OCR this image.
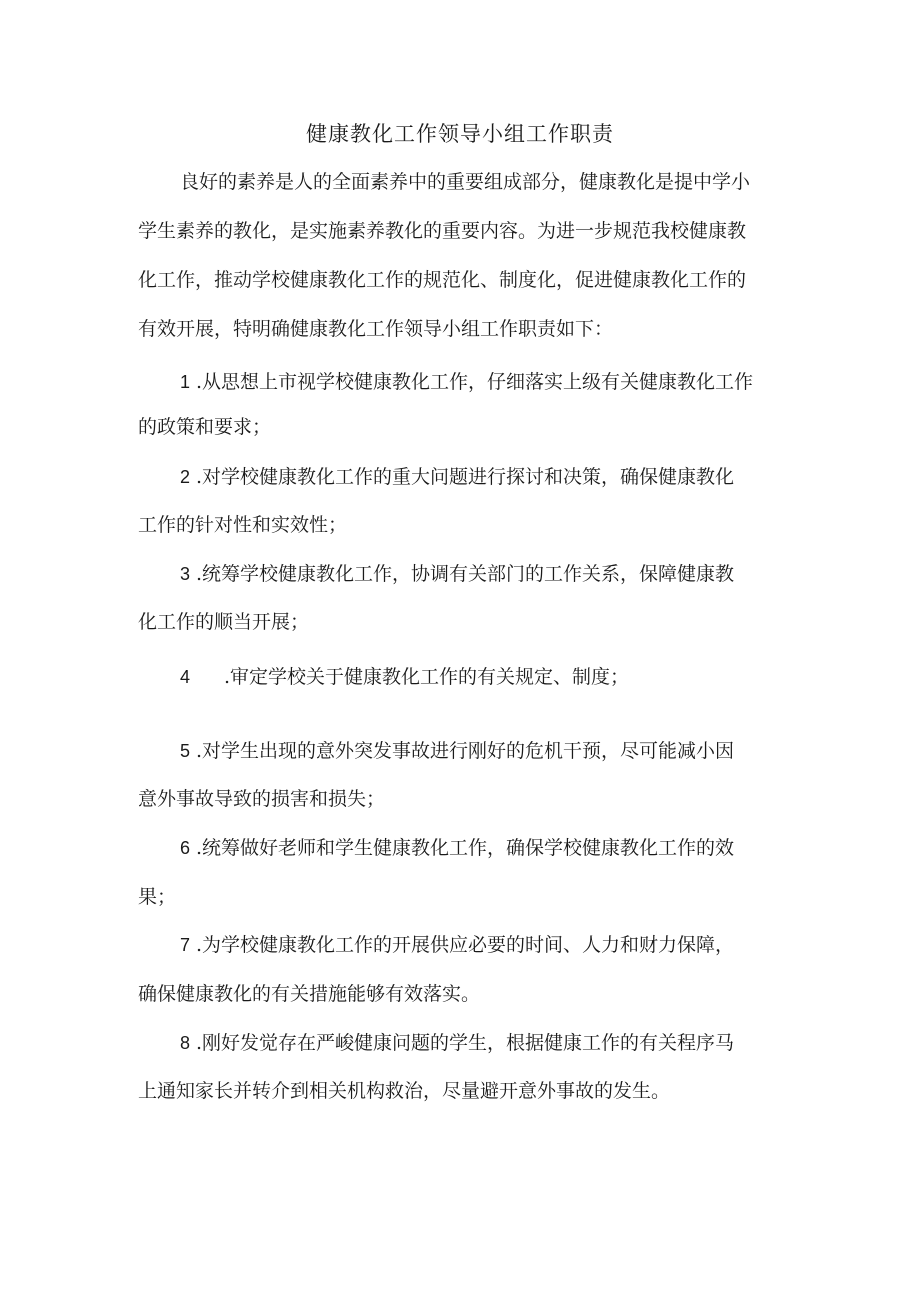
健康教化工作领导小组工作职责
良好的素养是人的全面素养中的重要组成部分，健康教化是提中学小
学生素养的教化，是实施素养教化的重要内容。为进一步规范我校健康教
化工作，推动学校健康教化工作的规范化、制度化，促进健康教化工作的
有效开展，特明确健康教化工作领导小组工作职责如下：
1 .从思想上市视学校健康教化工作，仔细落实上级有关健康教化工作
的政策和要求；
2 .对学校健康教化工作的重大问题进行探讨和决策，确保健康教化
工作的针对性和实效性；
3 .统筹学校健康教化工作，协调有关部门的工作关系，保障健康教
化工作的顺当开展；
4 .审定学校关于健康教化工作的有关规定、制度；
5 .对学生出现的意外突发事故进行刚好的危机干预，尽可能减小因
意外事故导致的损害和损失；
6 .统筹做好老师和学生健康教化工作，确保学校健康教化工作的效
果；
7 .为学校健康教化工作的开展供应必要的时间、人力和财力保障，
确保健康教化的有关措施能够有效落实。
8 .刚好发觉存在严峻健康问题的学生，根据健康工作的有关程序马
上通知家长并转介到相关机构救治，尽量避开意外事故的发生。
